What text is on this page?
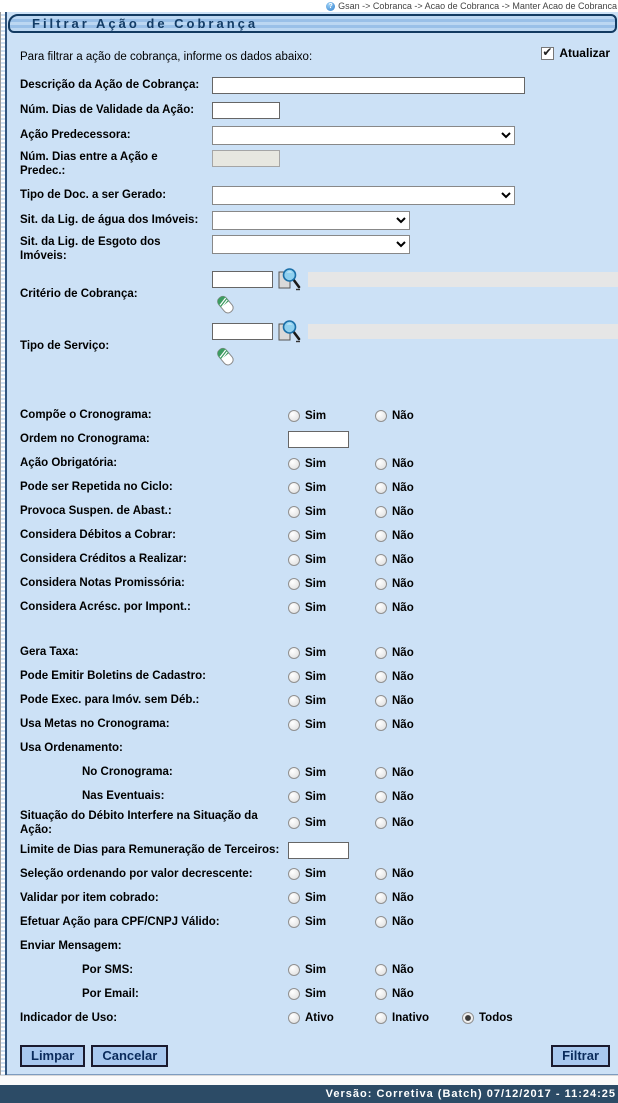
? Gsan -> Cobranca -> Acao de Cobranca -> Manter Acao de Cobranca
Filtrar Ação de Cobrança
Para filtrar a ação de cobrança, informe os dados abaixo:	Atualizar
Descrição da Ação de Cobrança:
Núm. Dias de Validade da Ação:
Ação Predecessora:
Núm. Dias entre a Ação e Predec.:
Tipo de Doc. a ser Gerado:
Sit. da Lig. de água dos Imóveis:
Sit. da Lig. de Esgoto dos Imóveis:
Critério de Cobrança:
Tipo de Serviço:
Compõe o Cronograma:	Sim	Não
Ordem no Cronograma:
Ação Obrigatória:	Sim	Não
Pode ser Repetida no Ciclo:	Sim	Não
Provoca Suspen. de Abast.:	Sim	Não
Considera Débitos a Cobrar:	Sim	Não
Considera Créditos a Realizar:	Sim	Não
Considera Notas Promissória:	Sim	Não
Considera Acrésc. por Impont.:	Sim	Não
Gera Taxa:	Sim	Não
Pode Emitir Boletins de Cadastro:	Sim	Não
Pode Exec. para Imóv. sem Déb.:	Sim	Não
Usa Metas no Cronograma:	Sim	Não
Usa Ordenamento:
No Cronograma:	Sim	Não
Nas Eventuais:	Sim	Não
Situação do Débito Interfere na Situação da Ação:
Sim	Não
Limite de Dias para Remuneração de Terceiros:
Seleção ordenando por valor decrescente:	Sim	Não
Validar por item cobrado:	Sim	Não
Efetuar Ação para CPF/CNPJ Válido:	Sim	Não
Enviar Mensagem:
Por SMS:	Sim	Não
Por Email:	Sim	Não
Indicador de Uso:	Ativo	Inativo	Todos
Limpar	Cancelar	Filtrar
Versão: Corretiva (Batch) 07/12/2017 - 11:24:25
